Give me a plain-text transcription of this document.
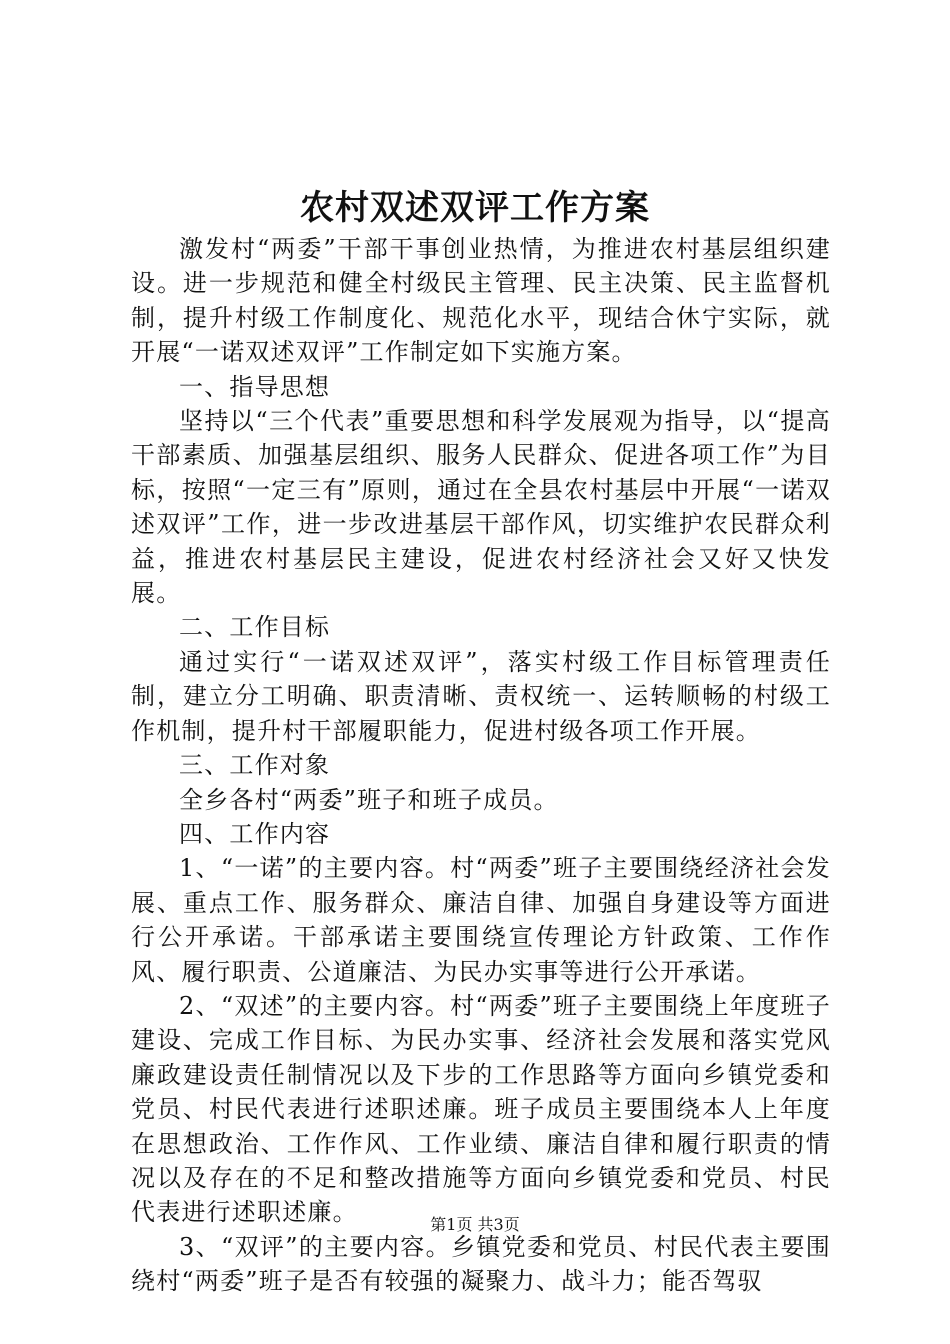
农村双述双评工作方案

激发村“两委”干部干事创业热情，为推进农村基层组织建设。进一步规范和健全村级民主管理、民主决策、民主监督机制，提升村级工作制度化、规范化水平，现结合休宁实际，就开展“一诺双述双评”工作制定如下实施方案。

一、指导思想

坚持以“三个代表”重要思想和科学发展观为指导，以“提高干部素质、加强基层组织、服务人民群众、促进各项工作”为目标，按照“一定三有”原则，通过在全县农村基层中开展“一诺双述双评”工作，进一步改进基层干部作风，切实维护农民群众利益，推进农村基层民主建设，促进农村经济社会又好又快发展。

二、工作目标

通过实行“一诺双述双评”，落实村级工作目标管理责任制，建立分工明确、职责清晰、责权统一、运转顺畅的村级工作机制，提升村干部履职能力，促进村级各项工作开展。

三、工作对象

全乡各村“两委”班子和班子成员。

四、工作内容

1、“一诺”的主要内容。村“两委”班子主要围绕经济社会发展、重点工作、服务群众、廉洁自律、加强自身建设等方面进行公开承诺。干部承诺主要围绕宣传理论方针政策、工作作风、履行职责、公道廉洁、为民办实事等进行公开承诺。

2、“双述”的主要内容。村“两委”班子主要围绕上年度班子建设、完成工作目标、为民办实事、经济社会发展和落实党风廉政建设责任制情况以及下步的工作思路等方面向乡镇党委和党员、村民代表进行述职述廉。班子成员主要围绕本人上年度在思想政治、工作作风、工作业绩、廉洁自律和履行职责的情况以及存在的不足和整改措施等方面向乡镇党委和党员、村民代表进行述职述廉。

3、“双评”的主要内容。乡镇党委和党员、村民代表主要围绕村“两委”班子是否有较强的凝聚力、战斗力；能否驾驭

第1页 共3页
